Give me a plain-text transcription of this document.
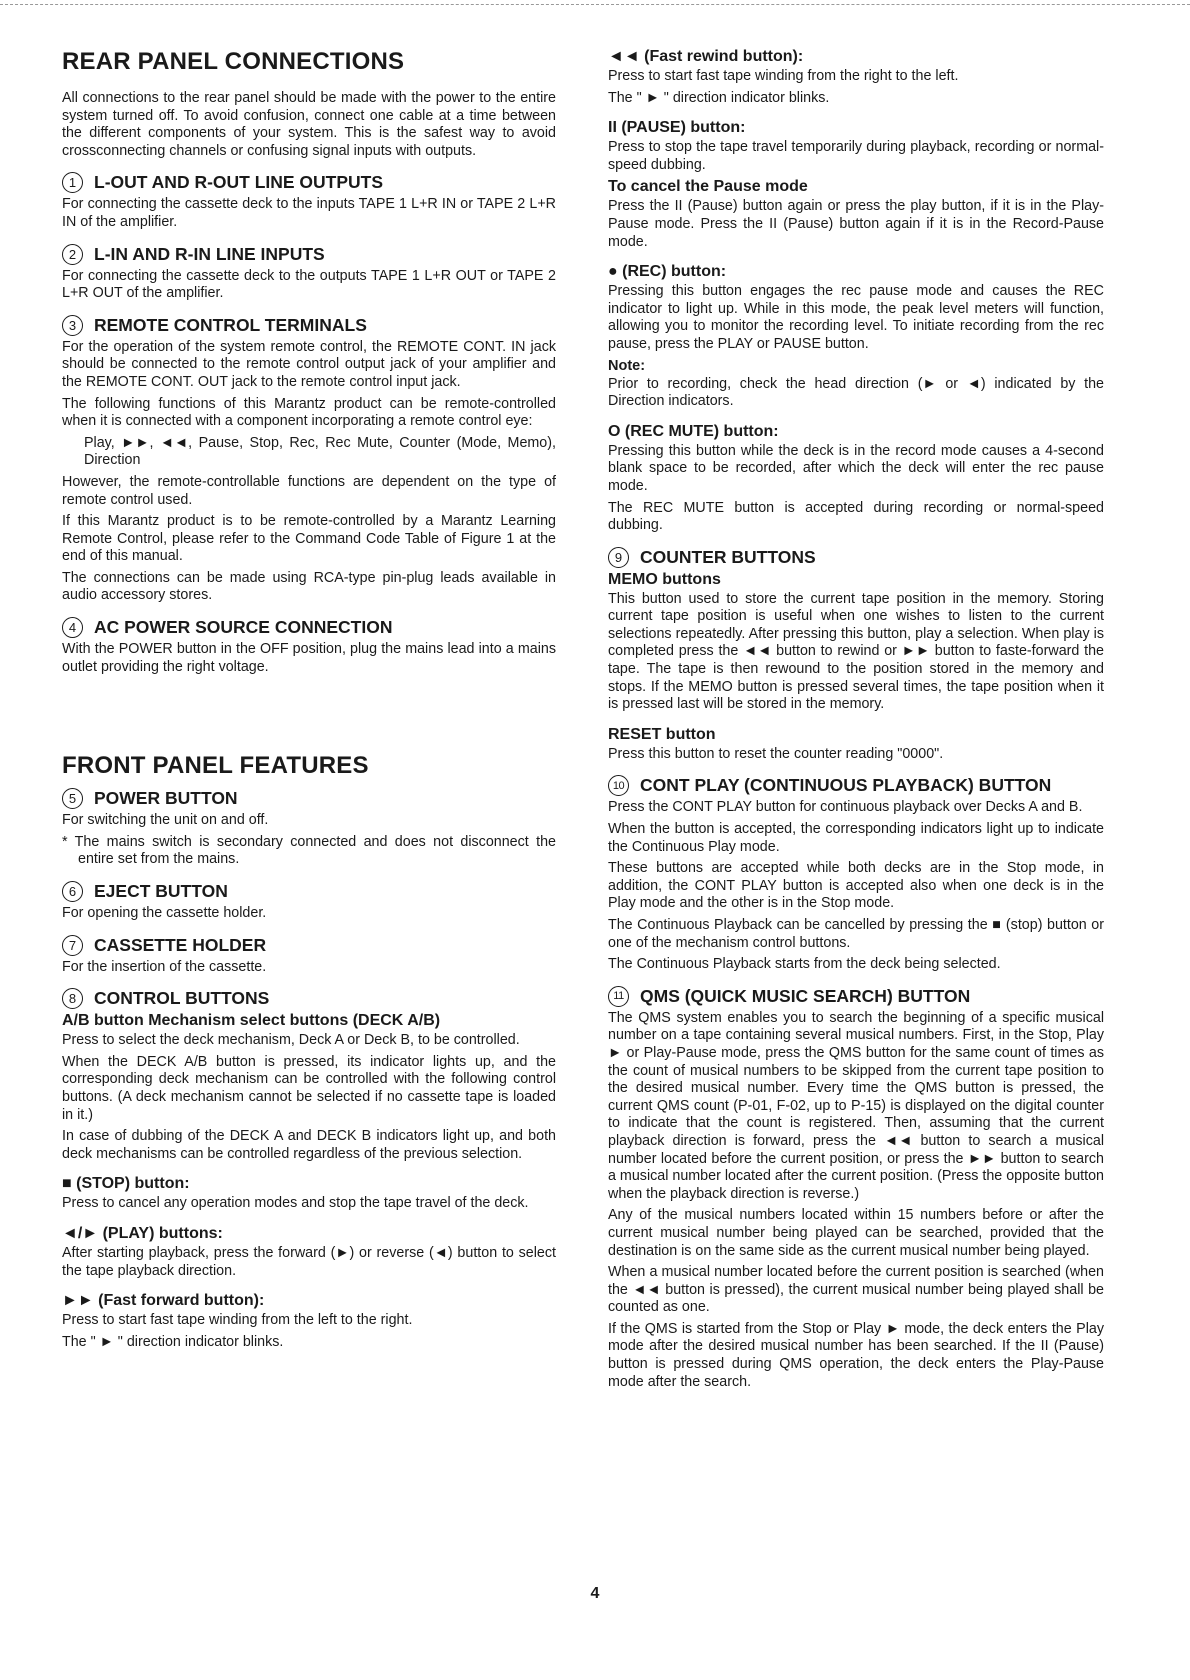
REAR PANEL CONNECTIONS

All connections to the rear panel should be made with the power to the entire system turned off. To avoid confusion, connect one cable at a time between the different components of your system. This is the safest way to avoid crossconnecting channels or confusing signal inputs with outputs.

1	L-OUT AND R-OUT LINE OUTPUTS

For connecting the cassette deck to the inputs TAPE 1 L+R IN or TAPE 2 L+R IN of the amplifier.

2	L-IN AND R-IN LINE INPUTS

For connecting the cassette deck to the outputs TAPE 1 L+R OUT or TAPE 2 L+R OUT of the amplifier.

3	REMOTE CONTROL TERMINALS

For the operation of the system remote control, the REMOTE CONT. IN jack should be connected to the remote control output jack of your amplifier and the REMOTE CONT. OUT jack to the remote control input jack.

The following functions of this Marantz product can be remote-controlled when it is connected with a component incorporating a remote control eye:

Play, ►►, ◄◄, Pause, Stop, Rec, Rec Mute, Counter (Mode, Memo), Direction

However, the remote-controllable functions are dependent on the type of remote control used.

If this Marantz product is to be remote-controlled by a Marantz Learning Remote Control, please refer to the Command Code Table of Figure 1 at the end of this manual.

The connections can be made using RCA-type pin-plug leads available in audio accessory stores.

4	AC POWER SOURCE CONNECTION

With the POWER button in the OFF position, plug the mains lead into a mains outlet providing the right voltage.

FRONT PANEL FEATURES
5	POWER BUTTON

For switching the unit on and off.

* The mains switch is secondary connected and does not disconnect the entire set from the mains.

6	EJECT BUTTON

For opening the cassette holder.

7	CASSETTE HOLDER

For the insertion of the cassette.

8	CONTROL BUTTONS
A/B button Mechanism select buttons (DECK A/B)

Press to select the deck mechanism, Deck A or Deck B, to be controlled.

When the DECK A/B button is pressed, its indicator lights up, and the corresponding deck mechanism can be controlled with the following control buttons. (A deck mechanism cannot be selected if no cassette tape is loaded in it.)

In case of dubbing of the DECK A and DECK B indicators light up, and both deck mechanisms can be controlled regardless of the previous selection.

■ (STOP) button:

Press to cancel any operation modes and stop the tape travel of the deck.

◄/► (PLAY) buttons:

After starting playback, press the forward (►) or reverse (◄) button to select the tape playback direction.

►► (Fast forward button):

Press to start fast tape winding from the left to the right.

The " ► " direction indicator blinks.

◄◄ (Fast rewind button):

Press to start fast tape winding from the right to the left.

The " ► " direction indicator blinks.

II (PAUSE) button:

Press to stop the tape travel temporarily during playback, recording or normal-speed dubbing.

To cancel the Pause mode

Press the II (Pause) button again or press the play button, if it is in the Play-Pause mode. Press the II (Pause) button again if it is in the Record-Pause mode.

● (REC) button:

Pressing this button engages the rec pause mode and causes the REC indicator to light up. While in this mode, the peak level meters will function, allowing you to monitor the recording level. To initiate recording from the rec pause, press the PLAY or PAUSE button.

Note:

Prior to recording, check the head direction (► or ◄) indicated by the Direction indicators.

O (REC MUTE) button:

Pressing this button while the deck is in the record mode causes a 4-second blank space to be recorded, after which the deck will enter the rec pause mode.

The REC MUTE button is accepted during recording or normal-speed dubbing.

9	COUNTER BUTTONS
MEMO buttons

This button used to store the current tape position in the memory. Storing current tape position is useful when one wishes to listen to the current selections repeatedly. After pressing this button, play a selection. When play is completed press the ◄◄ button to rewind or ►► button to faste-forward the tape. The tape is then rewound to the position stored in the memory and stops. If the MEMO button is pressed several times, the tape position when it is pressed last will be stored in the memory.

RESET button

Press this button to reset the counter reading "0000".

10 CONT PLAY (CONTINUOUS PLAYBACK) BUTTON

Press the CONT PLAY button for continuous playback over Decks A and B.

When the button is accepted, the corresponding indicators light up to indicate the Continuous Play mode.

These buttons are accepted while both decks are in the Stop mode, in addition, the CONT PLAY button is accepted also when one deck is in the Play mode and the other is in the Stop mode.

The Continuous Playback can be cancelled by pressing the ■ (stop) button or one of the mechanism control buttons.

The Continuous Playback starts from the deck being selected.

11 QMS (QUICK MUSIC SEARCH) BUTTON

The QMS system enables you to search the beginning of a specific musical number on a tape containing several musical numbers. First, in the Stop, Play ► or Play-Pause mode, press the QMS button for the same count of times as the count of musical numbers to be skipped from the current tape position to the desired musical number. Every time the QMS button is pressed, the current QMS count (P-01, F-02, up to P-15) is displayed on the digital counter to indicate that the count is registered. Then, assuming that the current playback direction is forward, press the ◄◄ button to search a musical number located before the current position, or press the ►► button to search a musical number located after the current position. (Press the opposite button when the playback direction is reverse.)

Any of the musical numbers located within 15 numbers before or after the current musical number being played can be searched, provided that the destination is on the same side as the current musical number being played.

When a musical number located before the current position is searched (when the ◄◄ button is pressed), the current musical number being played shall be counted as one.

If the QMS is started from the Stop or Play ► mode, the deck enters the Play mode after the desired musical number has been searched. If the II (Pause) button is pressed during QMS operation, the deck enters the Play-Pause mode after the search.

4
